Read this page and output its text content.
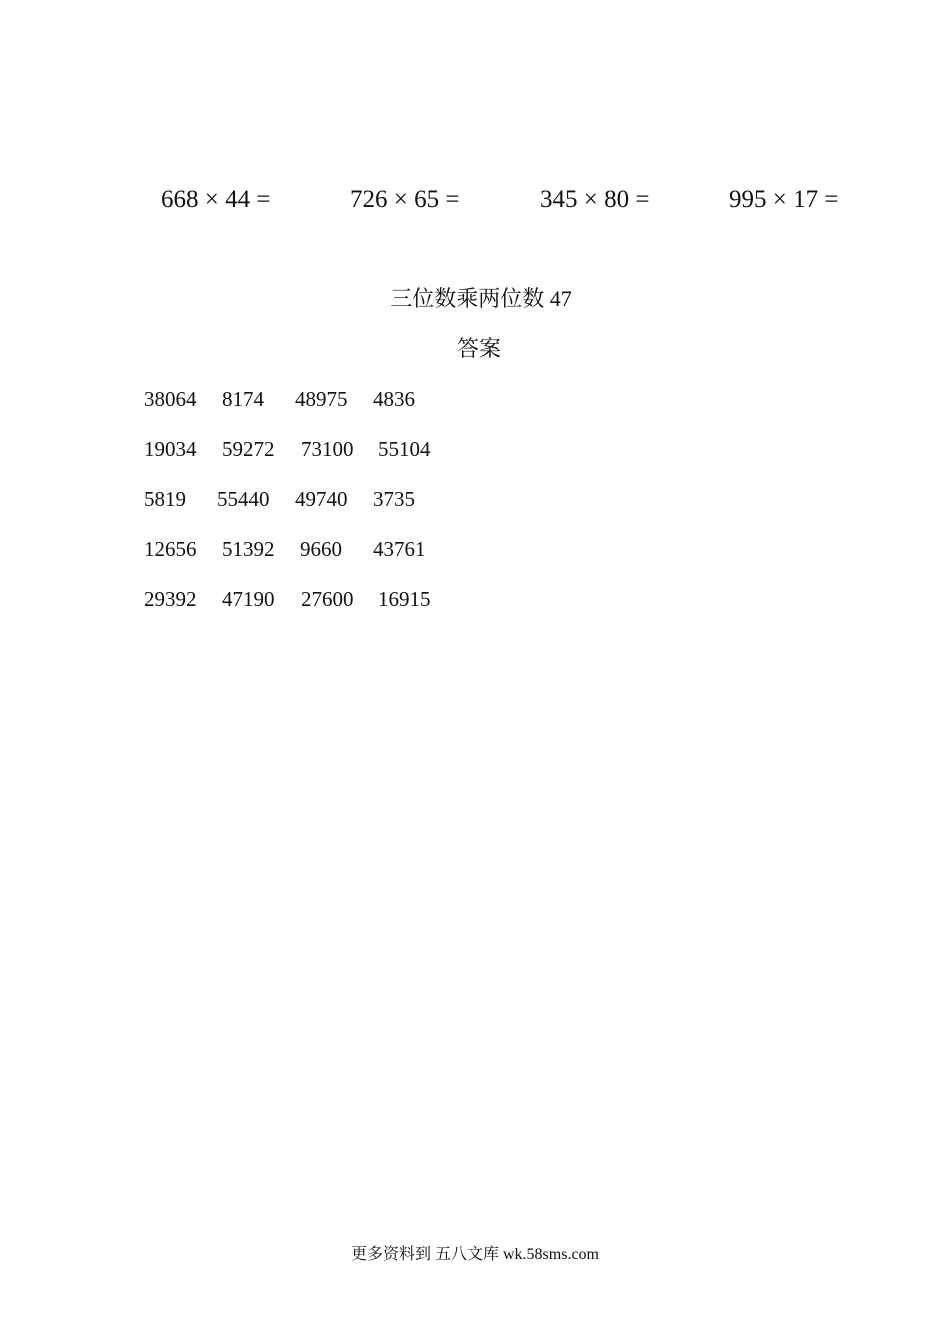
668 × 44 =	726 × 65 =	345 × 80 =	995 × 17 =
三位数乘两位数 47
答案
38064 8174 48975 4836
19034 59272 73100 55104
5819 55440 49740 3735
12656 51392 9660 43761
29392 47190 27600 16915
更多资料到 五八文库 wk.58sms.com
